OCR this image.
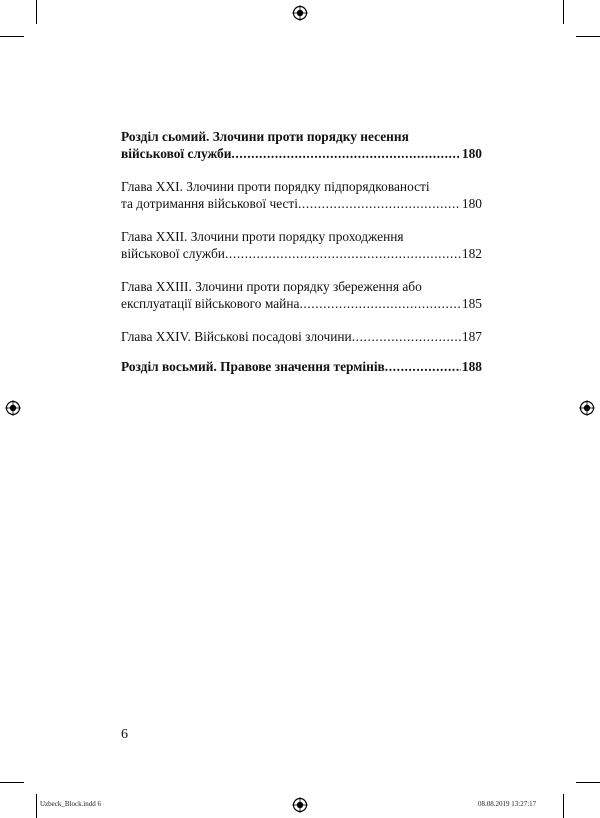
Розділ сьомий. Злочини проти порядку несення
військової служби .....	180
Глава XXI. Злочини проти порядку підпорядкованості
та дотримання військової честі .....	180
Глава XXII. Злочини проти порядку проходження
військової служби .....	182
Глава XXIII. Злочини проти порядку збереження або
експлуатації військового майна .....	185
Глава XXIV. Військові посадові злочини .....	187
Розділ восьмий. Правове значення термінів .....	188
6
Uzbeck_Block.indd 6	08.08.2019 13:27:17
